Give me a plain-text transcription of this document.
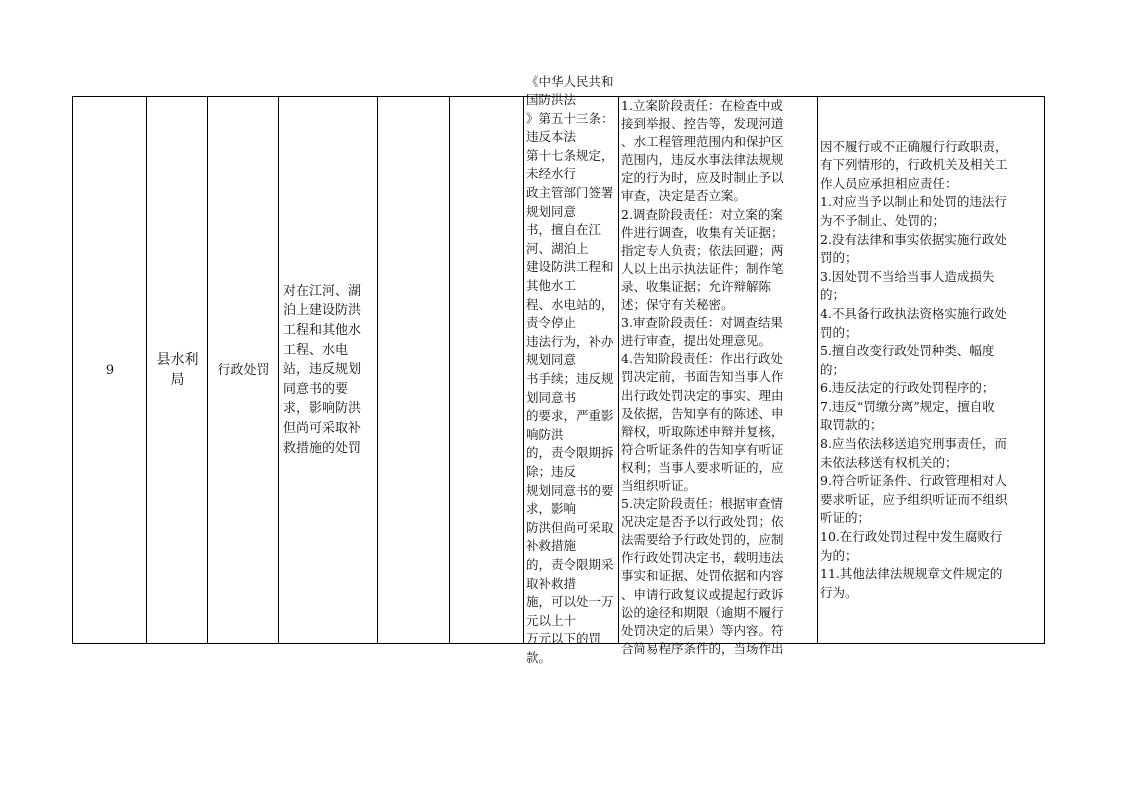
9
县水利
局
行政处罚
对在江河、湖
泊上建设防洪
工程和其他水
工程、水电
站，违反规划
同意书的要
求，影响防洪
但尚可采取补
救措施的处罚
《中华人民共和国防洪法
》第五十三条：违反本法
第十七条规定，未经水行
政主管部门签署规划同意
书，擅自在江河、湖泊上
建设防洪工程和其他水工
程、水电站的，责令停止
违法行为，补办规划同意
书手续；违反规划同意书
的要求，严重影响防洪
的，责令限期拆除；违反
规划同意书的要求，影响
防洪但尚可采取补救措施
的，责令限期采取补救措
施，可以处一万元以上十
万元以下的罚款。
1.立案阶段责任：在检查中或
接到举报、控告等，发现河道
、水工程管理范围内和保护区
范围内，违反水事法律法规规
定的行为时，应及时制止予以
审查，决定是否立案。
2.调查阶段责任：对立案的案
件进行调查，收集有关证据；
指定专人负责；依法回避；两
人以上出示执法证件；制作笔
录、收集证据；允许辩解陈
述；保守有关秘密。
3.审查阶段责任：对调查结果
进行审查，提出处理意见。
4.告知阶段责任：作出行政处
罚决定前，书面告知当事人作
出行政处罚决定的事实、理由
及依据，告知享有的陈述、申
辩权，听取陈述申辩并复核，
符合听证条件的告知享有听证
权利；当事人要求听证的，应
当组织听证。
5.决定阶段责任：根据审查情
况决定是否予以行政处罚；依
法需要给予行政处罚的，应制
作行政处罚决定书，载明违法
事实和证据、处罚依据和内容
、申请行政复议或提起行政诉
讼的途径和期限（逾期不履行
处罚决定的后果）等内容。符
合简易程序条件的，当场作出
因不履行或不正确履行行政职责，
有下列情形的，行政机关及相关工
作人员应承担相应责任：
1.对应当予以制止和处罚的违法行
为不予制止、处罚的；
2.没有法律和事实依据实施行政处
罚的；
3.因处罚不当给当事人造成损失
的；
4.不具备行政执法资格实施行政处
罚的；
5.擅自改变行政处罚种类、幅度
的；
6.违反法定的行政处罚程序的；
7.违反“罚缴分离”规定，擅自收
取罚款的；
8.应当依法移送追究刑事责任，而
未依法移送有权机关的；
9.符合听证条件、行政管理相对人
要求听证，应予组织听证而不组织
听证的；
10.在行政处罚过程中发生腐败行
为的；
11.其他法律法规规章文件规定的
行为。
